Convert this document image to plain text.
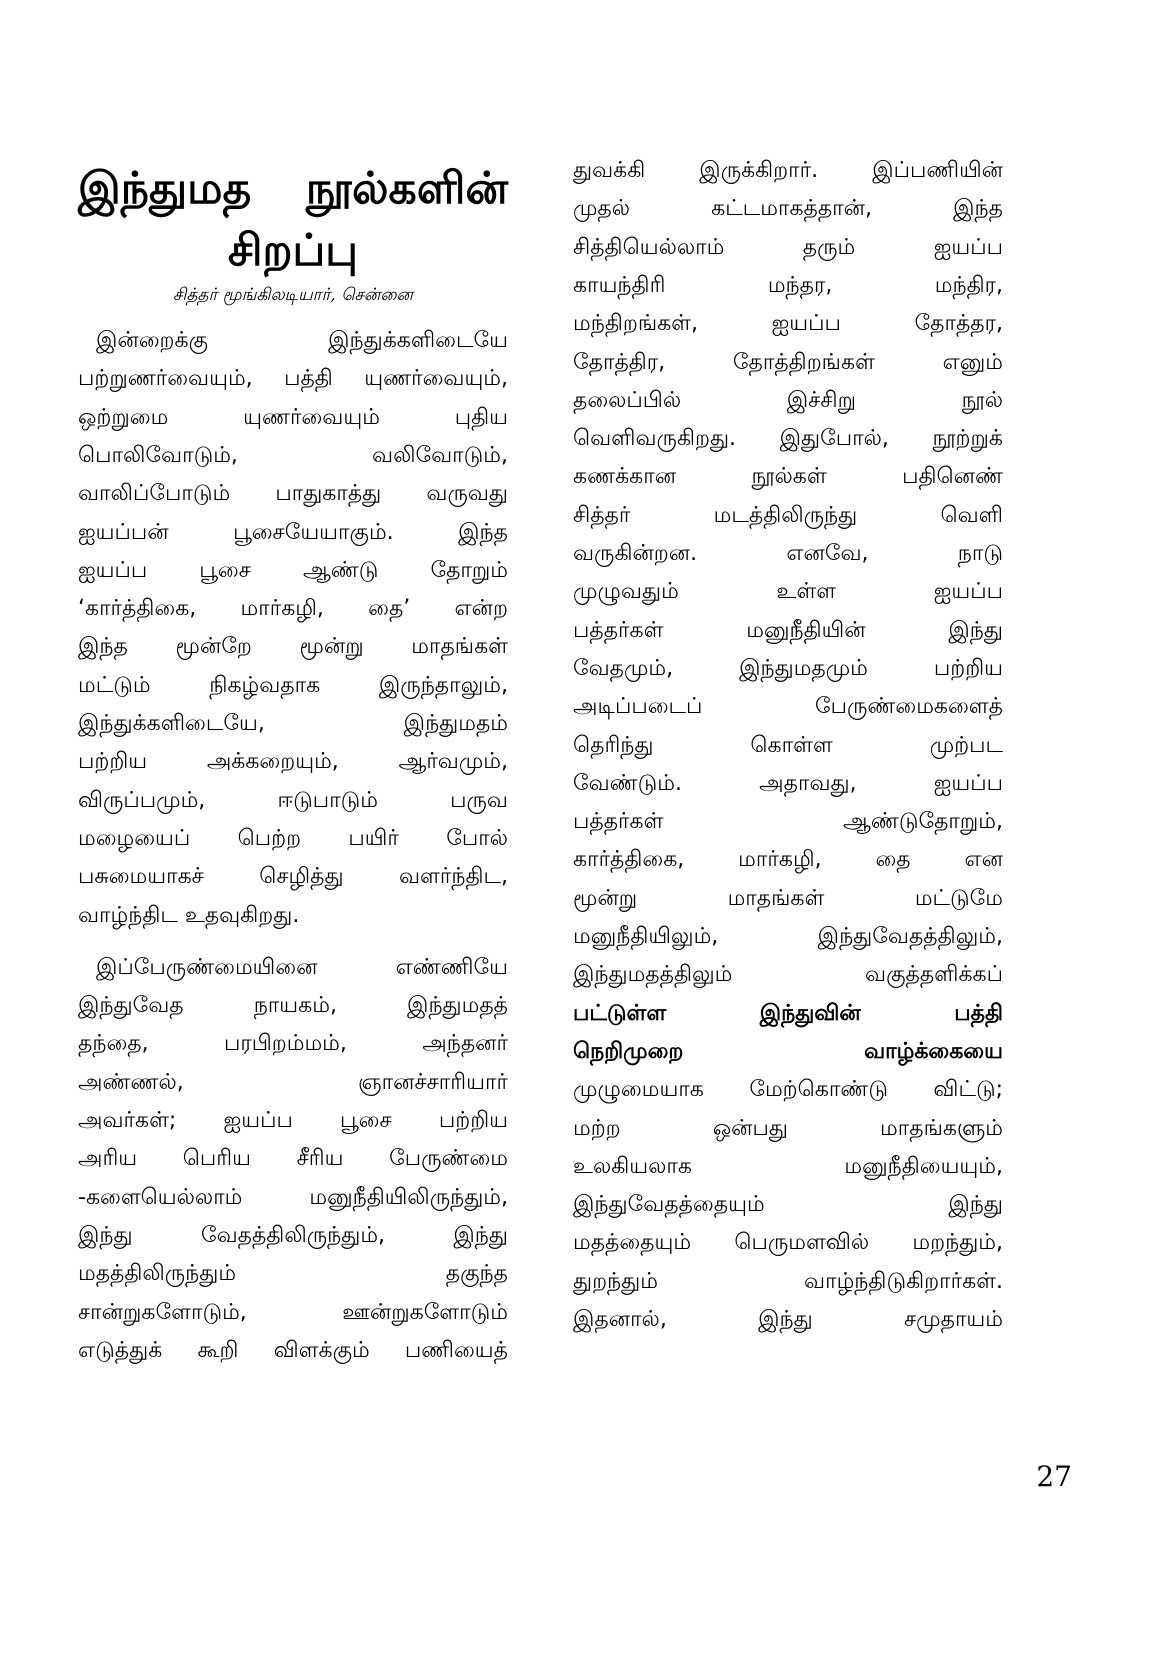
இந்துமத நூல்களின்
சிறப்பு

சித்தர் மூங்கிலடியார், சென்னை

இன்றைக்கு இந்துக்களிடையே
பற்றுணர்வையும், பத்தி யுணர்வையும்,
ஒற்றுமை யுணர்வையும் புதிய
பொலிவோடும், வலிவோடும்,
வாலிப்போடும் பாதுகாத்து வருவது
ஐயப்பன் பூசையேயாகும். இந்த
ஐயப்ப பூசை ஆண்டு தோறும்
‘கார்த்திகை, மார்கழி, தை’ என்ற
இந்த மூன்றே மூன்று மாதங்கள்
மட்டும் நிகழ்வதாக இருந்தாலும்,
இந்துக்களிடையே, இந்துமதம்
பற்றிய அக்கறையும், ஆர்வமும்,
விருப்பமும், ஈடுபாடும் பருவ
மழையைப் பெற்ற பயிர் போல்
பசுமையாகச் செழித்து வளர்ந்திட,
வாழ்ந்திட உதவுகிறது.
இப்பேருண்மையினை எண்ணியே
இந்துவேத நாயகம், இந்துமதத்
தந்தை, பரபிறம்மம், அந்தனர்
அண்ணல், ஞானச்சாரியார்
அவர்கள்; ஐயப்ப பூசை பற்றிய
அரிய பெரிய சீரிய பேருண்மை
-களையெல்லாம் மனுநீதியிலிருந்தும்,
இந்து வேதத்திலிருந்தும், இந்து
மதத்திலிருந்தும் தகுந்த
சான்றுகளோடும், ஊன்றுகளோடும்
எடுத்துக் கூறி விளக்கும் பணியைத்
துவக்கி இருக்கிறார். இப்பணியின்
முதல் கட்டமாகத்தான், இந்த
சித்தியெல்லாம் தரும் ஐயப்ப
காயந்திரி மந்தர, மந்திர,
மந்திறங்கள், ஐயப்ப தோத்தர,
தோத்திர, தோத்திறங்கள் எனும்
தலைப்பில் இச்சிறு நூல்
வெளிவருகிறது. இதுபோல், நூற்றுக்
கணக்கான நூல்கள் பதினெண்
சித்தர் மடத்திலிருந்து வெளி
வருகின்றன. எனவே, நாடு
முழுவதும் உள்ள ஐயப்ப
பத்தர்கள் மனுநீதியின் இந்து
வேதமும், இந்துமதமும் பற்றிய
அடிப்படைப் பேருண்மைகளைத்
தெரிந்து கொள்ள முற்பட
வேண்டும். அதாவது, ஐயப்ப
பத்தர்கள் ஆண்டுதோறும்,
கார்த்திகை, மார்கழி, தை என
மூன்று மாதங்கள் மட்டுமே
மனுநீதியிலும், இந்துவேதத்திலும்,
இந்துமதத்திலும் வகுத்தளிக்கப்
பட்டுள்ள இந்துவின் பத்தி
நெறிமுறை வாழ்க்கையை
முழுமையாக மேற்கொண்டு விட்டு;
மற்ற ஒன்பது மாதங்களும்
உலகியலாக மனுநீதியையும்,
இந்துவேதத்தையும் இந்து
மதத்தையும் பெருமளவில் மறந்தும்,
துறந்தும் வாழ்ந்திடுகிறார்கள்.
இதனால், இந்து சமுதாயம்
27
